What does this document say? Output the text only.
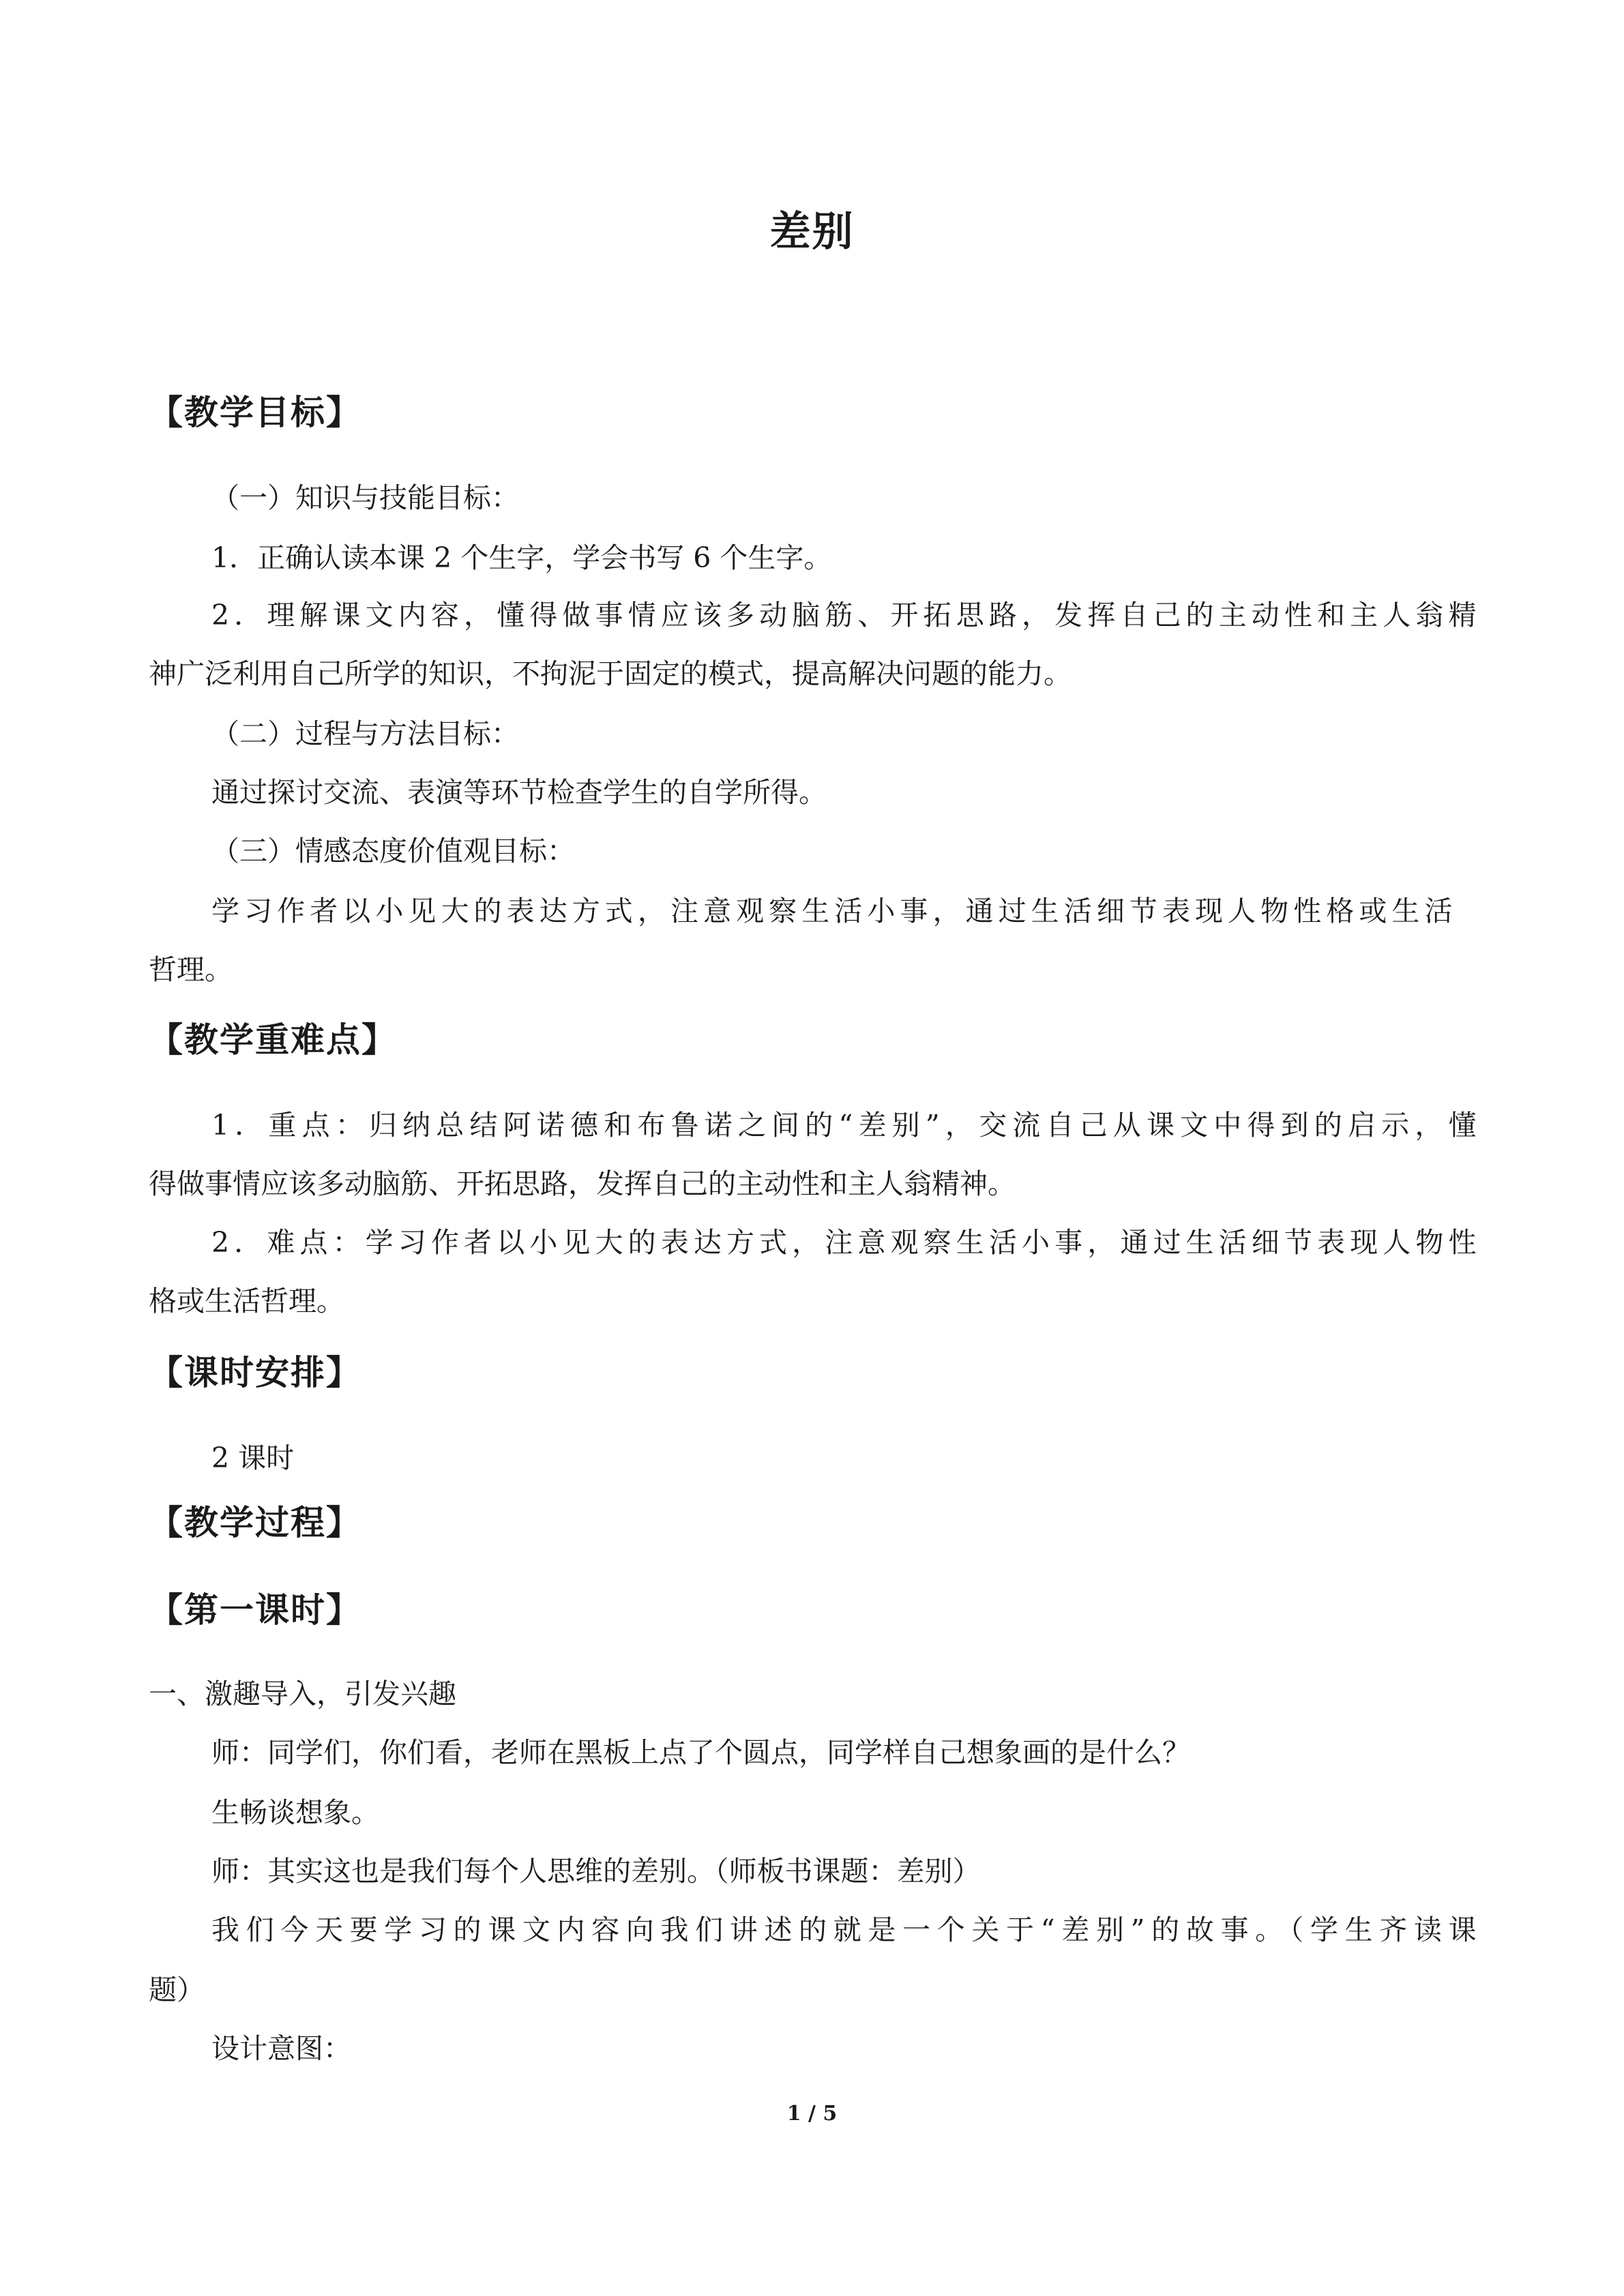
差别
【教学目标】
（一）知识与技能目标：
1．正确认读本课 2 个生字，学会书写 6 个生字。
2．理解课文内容，懂得做事情应该多动脑筋、开拓思路，发挥自己的主动性和主人翁精
神广泛利用自己所学的知识，不拘泥于固定的模式，提高解决问题的能力。
（二）过程与方法目标：
通过探讨交流、表演等环节检查学生的自学所得。
（三）情感态度价值观目标：
学习作者以小见大的表达方式，注意观察生活小事，通过生活细节表现人物性格或生活
哲理。
【教学重难点】
1．重点：归纳总结阿诺德和布鲁诺之间的“差别”，交流自己从课文中得到的启示，懂
得做事情应该多动脑筋、开拓思路，发挥自己的主动性和主人翁精神。
2．难点：学习作者以小见大的表达方式，注意观察生活小事，通过生活细节表现人物性
格或生活哲理。
【课时安排】
2 课时
【教学过程】
【第一课时】
一、激趣导入，引发兴趣
师：同学们，你们看，老师在黑板上点了个圆点，同学样自己想象画的是什么？
生畅谈想象。
师：其实这也是我们每个人思维的差别。（师板书课题：差别）
我们今天要学习的课文内容向我们讲述的就是一个关于“差别”的故事。（学生齐读课
题）
设计意图：
1 / 5
